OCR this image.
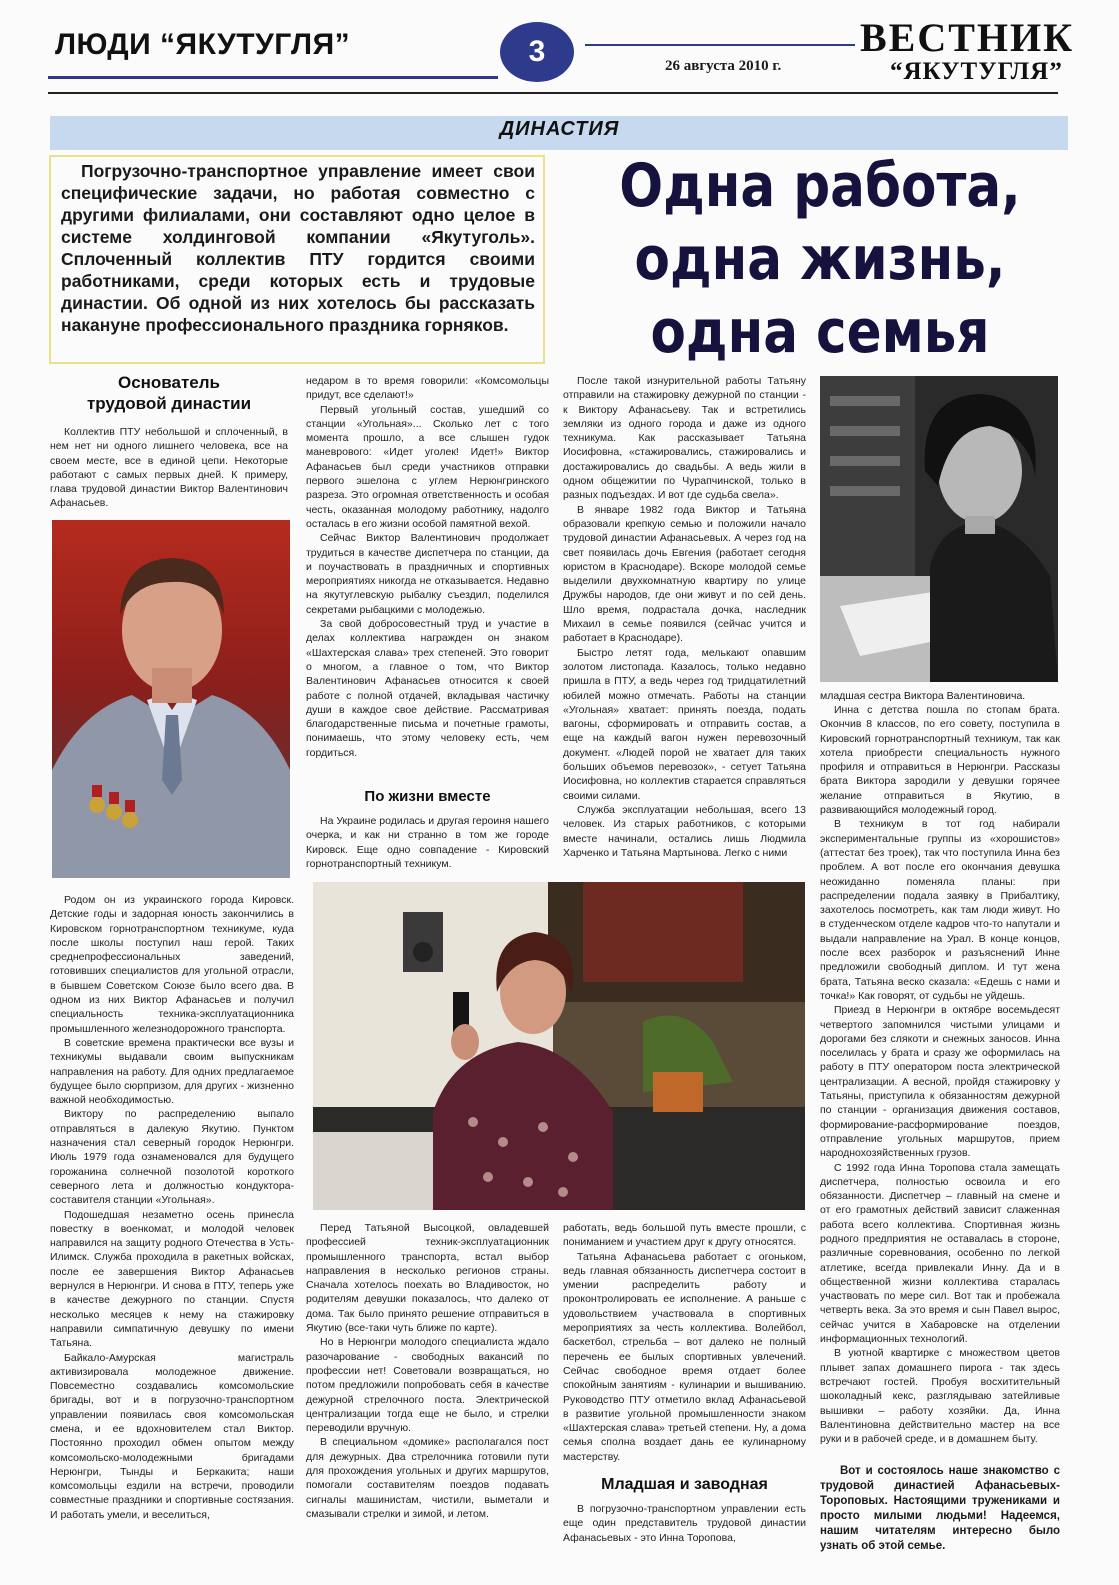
ЛЮДИ “ЯКУТУГЛЯ”	3	26 августа 2010 г.
ВЕСТНИК
“ЯКУТУГЛЯ”
ДИНАСТИЯ

Погрузочно-транспортное управление имеет свои специфические задачи, но работая совместно с другими филиалами, они составляют одно целое в системе холдинговой компании «Якутуголь». Сплоченный коллектив ПТУ гордится своими работниками, среди которых есть и трудовые династии. Об одной из них хотелось бы рассказать накануне профессионального праздника горняков.

Одна работа,
одна жизнь,
одна семья
Основатель
трудовой династии

Коллектив ПТУ небольшой и сплоченный, в нем нет ни одного лишнего человека, все на своем месте, все в единой цепи. Некоторые работают с самых первых дней. К примеру, глава трудовой династии Виктор Валентинович Афанасьев.

Родом он из украинского города Кировск. Детские годы и задорная юность закончились в Кировском горнотранспортном техникуме, куда после школы поступил наш герой. Таких среднепрофессиональных заведений, готовивших специалистов для угольной отрасли, в бывшем Советском Союзе было всего два. В одном из них Виктор Афанасьев и получил специальность техника-эксплуатационника промышленного железнодорожного транспорта.

В советские времена практически все вузы и техникумы выдавали своим выпускникам направления на работу. Для одних предлагаемое будущее было сюрпризом, для других - жизненно важной необходимостью.

Виктору по распределению выпало отправляться в далекую Якутию. Пунктом назначения стал северный городок Нерюнгри. Июль 1979 года ознаменовался для будущего горожанина солнечной позолотой короткого северного лета и должностью кондуктора-составителя станции «Угольная».

Подошедшая незаметно осень принесла повестку в военкомат, и молодой человек направился на защиту родного Отечества в Усть-Илимск. Служба проходила в ракетных войсках, после ее завершения Виктор Афанасьев вернулся в Нерюнгри. И снова в ПТУ, теперь уже в качестве дежурного по станции. Спустя несколько месяцев к нему на стажировку направили симпатичную девушку по имени Татьяна.

Байкало-Амурская магистраль активизировала молодежное движение. Повсеместно создавались комсомольские бригады, вот и в погрузочно-транспортном управлении появилась своя комсомольская смена, и ее вдохновителем стал Виктор. Постоянно проходил обмен опытом между комсомольско-молодежными бригадами Нерюнгри, Тынды и Беркакита; наши комсомольцы ездили на встречи, проводили совместные праздники и спортивные состязания. И работать умели, и веселиться,

недаром в то время говорили: «Комсомольцы придут, все сделают!»

Первый угольный состав, ушедший со станции «Угольная»... Сколько лет с того момента прошло, а все слышен гудок маневрового: «Идет уголек! Идет!» Виктор Афанасьев был среди участников отправки первого эшелона с углем Нерюнгринского разреза. Это огромная ответственность и особая честь, оказанная молодому работнику, надолго осталась в его жизни особой памятной вехой.

Сейчас Виктор Валентинович продолжает трудиться в качестве диспетчера по станции, да и поучаствовать в праздничных и спортивных мероприятиях никогда не отказывается. Недавно на якутуглевскую рыбалку съездил, поделился секретами рыбацкими с молодежью.

За свой добросовестный труд и участие в делах коллектива награжден он знаком «Шахтерская слава» трех степеней. Это говорит о многом, а главное о том, что Виктор Валентинович Афанасьев относится к своей работе с полной отдачей, вкладывая частичку души в каждое свое действие. Рассматривая благодарственные письма и почетные грамоты, понимаешь, что этому человеку есть, чем гордиться.

По жизни вместе

На Украине родилась и другая героиня нашего очерка, и как ни странно в том же городе Кировск. Еще одно совпадение - Кировский горнотранспортный техникум.

После такой изнурительной работы Татьяну отправили на стажировку дежурной по станции - к Виктору Афанасьеву. Так и встретились земляки из одного города и даже из одного техникума. Как рассказывает Татьяна Иосифовна, «стажировались, стажировались и достажировались до свадьбы. А ведь жили в одном общежитии по Чурапчинской, только в разных подъездах. И вот где судьба свела».

В январе 1982 года Виктор и Татьяна образовали крепкую семью и положили начало трудовой династии Афанасьевых. А через год на свет появилась дочь Евгения (работает сегодня юристом в Краснодаре). Вскоре молодой семье выделили двухкомнатную квартиру по улице Дружбы народов, где они живут и по сей день. Шло время, подрастала дочка, наследник Михаил в семье появился (сейчас учится и работает в Краснодаре).

Быстро летят года, мелькают опавшим золотом листопада. Казалось, только недавно пришла в ПТУ, а ведь через год тридцатилетний юбилей можно отмечать. Работы на станции «Угольная» хватает: принять поезда, подать вагоны, сформировать и отправить состав, а еще на каждый вагон нужен перевозочный документ. «Людей порой не хватает для таких больших объемов перевозок», - сетует Татьяна Иосифовна, но коллектив старается справляться своими силами.

Служба эксплуатации небольшая, всего 13 человек. Из старых работников, с которыми вместе начинали, остались лишь Людмила Харченко и Татьяна Мартынова. Легко с ними

младшая сестра Виктора Валентиновича.

Инна с детства пошла по стопам брата. Окончив 8 классов, по его совету, поступила в Кировский горнотранспортный техникум, так как хотела приобрести специальность нужного профиля и отправиться в Нерюнгри. Рассказы брата Виктора зародили у девушки горячее желание отправиться в Якутию, в развивающийся молодежный город.

В техникум в тот год набирали экспериментальные группы из «хорошистов» (аттестат без троек), так что поступила Инна без проблем. А вот после его окончания девушка неожиданно поменяла планы: при распределении подала заявку в Прибалтику, захотелось посмотреть, как там люди живут. Но в студенческом отделе кадров что-то напутали и выдали направление на Урал. В конце концов, после всех разборок и разъяснений Инне предложили свободный диплом. И тут жена брата, Татьяна веско сказала: «Едешь с нами и точка!» Как говорят, от судьбы не уйдешь.

Приезд в Нерюнгри в октябре восемьдесят четвертого запомнился чистыми улицами и дорогами без слякоти и снежных заносов. Инна поселилась у брата и сразу же оформилась на работу в ПТУ оператором поста электрической централизации. А весной, пройдя стажировку у Татьяны, приступила к обязанностям дежурной по станции - организация движения составов, формирование-расформирование поездов, отправление угольных маршрутов, прием народнохозяйственных грузов.

С 1992 года Инна Торопова стала замещать диспетчера, полностью освоила и его обязанности. Диспетчер – главный на смене и от его грамотных действий зависит слаженная работа всего коллектива. Спортивная жизнь родного предприятия не оставалась в стороне, различные соревнования, особенно по легкой атлетике, всегда привлекали Инну. Да и в общественной жизни коллектива старалась участвовать по мере сил. Вот так и пробежала четверть века. За это время и сын Павел вырос, сейчас учится в Хабаровске на отделении информационных технологий.

В уютной квартирке с множеством цветов плывет запах домашнего пирога - так здесь встречают гостей. Пробуя восхитительный шоколадный кекс, разглядываю затейливые вышивки – работу хозяйки. Да, Инна Валентиновна действительно мастер на все руки и в рабочей среде, и в домашнем быту.

Вот и состоялось наше знакомство с трудовой династией Афанасьевых-Тороповых. Настоящими тружениками и просто милыми людьми! Надеемся, нашим читателям интересно было узнать об этой семье.

Перед Татьяной Высоцкой, овладевшей профессией техник-эксплуатационник промышленного транспорта, встал выбор направления в несколько регионов страны. Сначала хотелось поехать во Владивосток, но родителям девушки показалось, что далеко от дома. Так было принято решение отправиться в Якутию (все-таки чуть ближе по карте).

Но в Нерюнгри молодого специалиста ждало разочарование - свободных вакансий по профессии нет! Советовали возвращаться, но потом предложили попробовать себя в качестве дежурной стрелочного поста. Электрической централизации тогда еще не было, и стрелки переводили вручную.

В специальном «домике» располагался пост для дежурных. Два стрелочника готовили пути для прохождения угольных и других маршрутов, помогали составителям поездов подавать сигналы машинистам, чистили, выметали и смазывали стрелки и зимой, и летом.

работать, ведь большой путь вместе прошли, с пониманием и участием друг к другу относятся.

Татьяна Афанасьева работает с огоньком, ведь главная обязанность диспетчера состоит в умении распределить работу и проконтролировать ее исполнение. А раньше с удовольствием участвовала в спортивных мероприятиях за честь коллектива. Волейбол, баскетбол, стрельба – вот далеко не полный перечень ее былых спортивных увлечений. Сейчас свободное время отдает более спокойным занятиям - кулинарии и вышиванию. Руководство ПТУ отметило вклад Афанасьевой в развитие угольной промышленности знаком «Шахтерская слава» третьей степени. Ну, а дома семья сполна воздает дань ее кулинарному мастерству.

Младшая и заводная

В погрузочно-транспортном управлении есть еще один представитель трудовой династии Афанасьевых - это Инна Торопова,
